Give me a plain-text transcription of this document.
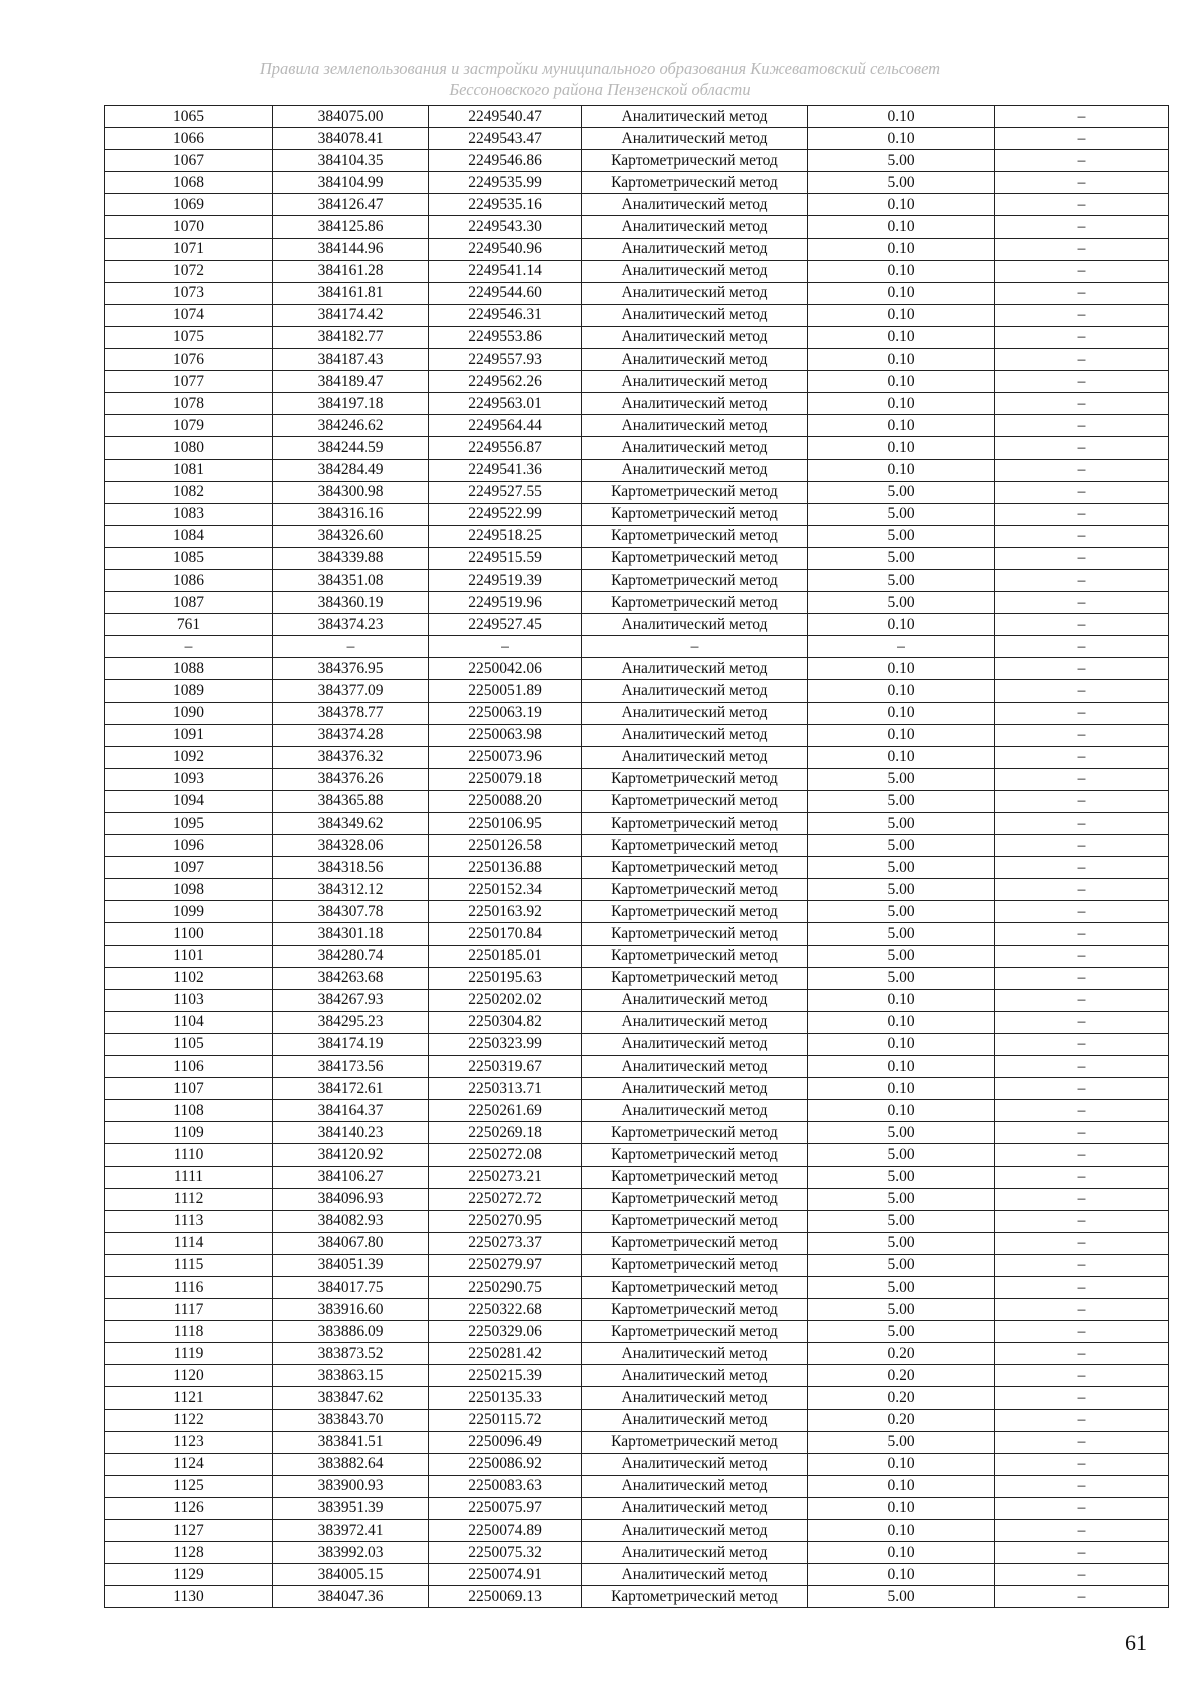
Правила землепользования и застройки муниципального образования Кижеватовский сельсовет
Бессоновского района Пензенской области
1065	384075.00	2249540.47	Аналитический метод	0.10	–
1066	384078.41	2249543.47	Аналитический метод	0.10	–
1067	384104.35	2249546.86	Картометрический метод	5.00	–
1068	384104.99	2249535.99	Картометрический метод	5.00	–
1069	384126.47	2249535.16	Аналитический метод	0.10	–
1070	384125.86	2249543.30	Аналитический метод	0.10	–
1071	384144.96	2249540.96	Аналитический метод	0.10	–
1072	384161.28	2249541.14	Аналитический метод	0.10	–
1073	384161.81	2249544.60	Аналитический метод	0.10	–
1074	384174.42	2249546.31	Аналитический метод	0.10	–
1075	384182.77	2249553.86	Аналитический метод	0.10	–
1076	384187.43	2249557.93	Аналитический метод	0.10	–
1077	384189.47	2249562.26	Аналитический метод	0.10	–
1078	384197.18	2249563.01	Аналитический метод	0.10	–
1079	384246.62	2249564.44	Аналитический метод	0.10	–
1080	384244.59	2249556.87	Аналитический метод	0.10	–
1081	384284.49	2249541.36	Аналитический метод	0.10	–
1082	384300.98	2249527.55	Картометрический метод	5.00	–
1083	384316.16	2249522.99	Картометрический метод	5.00	–
1084	384326.60	2249518.25	Картометрический метод	5.00	–
1085	384339.88	2249515.59	Картометрический метод	5.00	–
1086	384351.08	2249519.39	Картометрический метод	5.00	–
1087	384360.19	2249519.96	Картометрический метод	5.00	–
761	384374.23	2249527.45	Аналитический метод	0.10	–
–	–	–	–	–	–
1088	384376.95	2250042.06	Аналитический метод	0.10	–
1089	384377.09	2250051.89	Аналитический метод	0.10	–
1090	384378.77	2250063.19	Аналитический метод	0.10	–
1091	384374.28	2250063.98	Аналитический метод	0.10	–
1092	384376.32	2250073.96	Аналитический метод	0.10	–
1093	384376.26	2250079.18	Картометрический метод	5.00	–
1094	384365.88	2250088.20	Картометрический метод	5.00	–
1095	384349.62	2250106.95	Картометрический метод	5.00	–
1096	384328.06	2250126.58	Картометрический метод	5.00	–
1097	384318.56	2250136.88	Картометрический метод	5.00	–
1098	384312.12	2250152.34	Картометрический метод	5.00	–
1099	384307.78	2250163.92	Картометрический метод	5.00	–
1100	384301.18	2250170.84	Картометрический метод	5.00	–
1101	384280.74	2250185.01	Картометрический метод	5.00	–
1102	384263.68	2250195.63	Картометрический метод	5.00	–
1103	384267.93	2250202.02	Аналитический метод	0.10	–
1104	384295.23	2250304.82	Аналитический метод	0.10	–
1105	384174.19	2250323.99	Аналитический метод	0.10	–
1106	384173.56	2250319.67	Аналитический метод	0.10	–
1107	384172.61	2250313.71	Аналитический метод	0.10	–
1108	384164.37	2250261.69	Аналитический метод	0.10	–
1109	384140.23	2250269.18	Картометрический метод	5.00	–
1110	384120.92	2250272.08	Картометрический метод	5.00	–
1111	384106.27	2250273.21	Картометрический метод	5.00	–
1112	384096.93	2250272.72	Картометрический метод	5.00	–
1113	384082.93	2250270.95	Картометрический метод	5.00	–
1114	384067.80	2250273.37	Картометрический метод	5.00	–
1115	384051.39	2250279.97	Картометрический метод	5.00	–
1116	384017.75	2250290.75	Картометрический метод	5.00	–
1117	383916.60	2250322.68	Картометрический метод	5.00	–
1118	383886.09	2250329.06	Картометрический метод	5.00	–
1119	383873.52	2250281.42	Аналитический метод	0.20	–
1120	383863.15	2250215.39	Аналитический метод	0.20	–
1121	383847.62	2250135.33	Аналитический метод	0.20	–
1122	383843.70	2250115.72	Аналитический метод	0.20	–
1123	383841.51	2250096.49	Картометрический метод	5.00	–
1124	383882.64	2250086.92	Аналитический метод	0.10	–
1125	383900.93	2250083.63	Аналитический метод	0.10	–
1126	383951.39	2250075.97	Аналитический метод	0.10	–
1127	383972.41	2250074.89	Аналитический метод	0.10	–
1128	383992.03	2250075.32	Аналитический метод	0.10	–
1129	384005.15	2250074.91	Аналитический метод	0.10	–
1130	384047.36	2250069.13	Картометрический метод	5.00	–
61
